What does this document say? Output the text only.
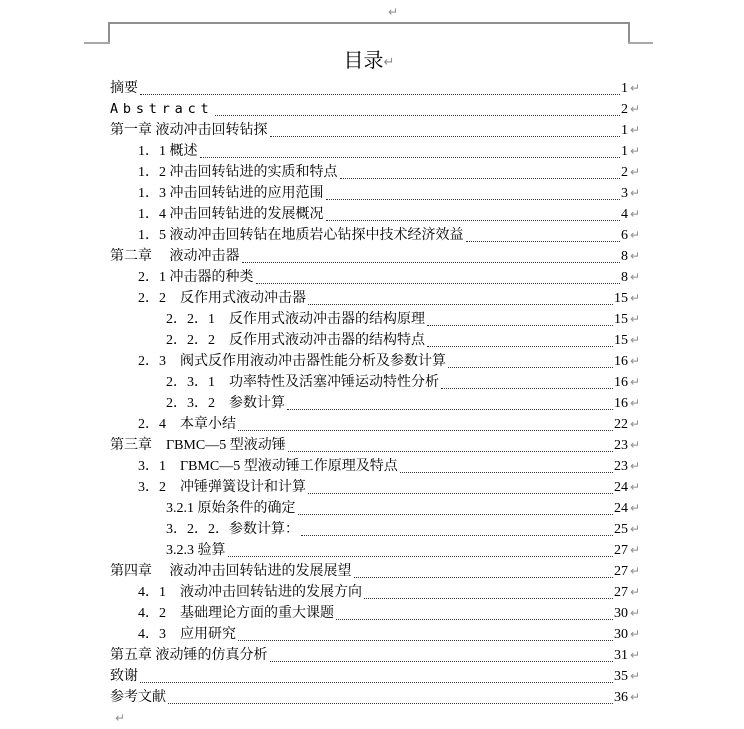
↵
目录↵
摘要	1 ↵
Abstract	2 ↵
第一章 液动冲击回转钻探	1 ↵
1．1 概述	1 ↵
1．2 冲击回转钻进的实质和特点	2 ↵
1．3 冲击回转钻进的应用范围	3 ↵
1．4 冲击回转钻进的发展概况	4 ↵
1．5 液动冲击回转钻在地质岩心钻探中技术经济效益	6 ↵
第二章　 液动冲击器	8 ↵
2．1 冲击器的种类	8 ↵
2．2　反作用式液动冲击器	15 ↵
2．2．1　反作用式液动冲击器的结构原理	15 ↵
2．2．2　反作用式液动冲击器的结构特点	15 ↵
2．3　阀式反作用液动冲击器性能分析及参数计算	16 ↵
2．3．1　功率特性及活塞冲锤运动特性分析	16 ↵
2．3．2　参数计算	16 ↵
2．4　本章小结	22 ↵
第三章　ГBMC—5 型液动锤	23 ↵
3．1　ГBMC—5 型液动锤工作原理及特点	23 ↵
3．2　冲锤弹簧设计和计算	24 ↵
3.2.1 原始条件的确定	24 ↵
3．2．2．参数计算：	25 ↵
3.2.3 验算	27 ↵
第四章　 液动冲击回转钻进的发展展望	27 ↵
4．1　液动冲击回转钻进的发展方向	27 ↵
4．2　基础理论方面的重大课题	30 ↵
4．3　应用研究	30 ↵
第五章 液动锤的仿真分析	31 ↵
致谢	35 ↵
参考文献	36 ↵
↵
